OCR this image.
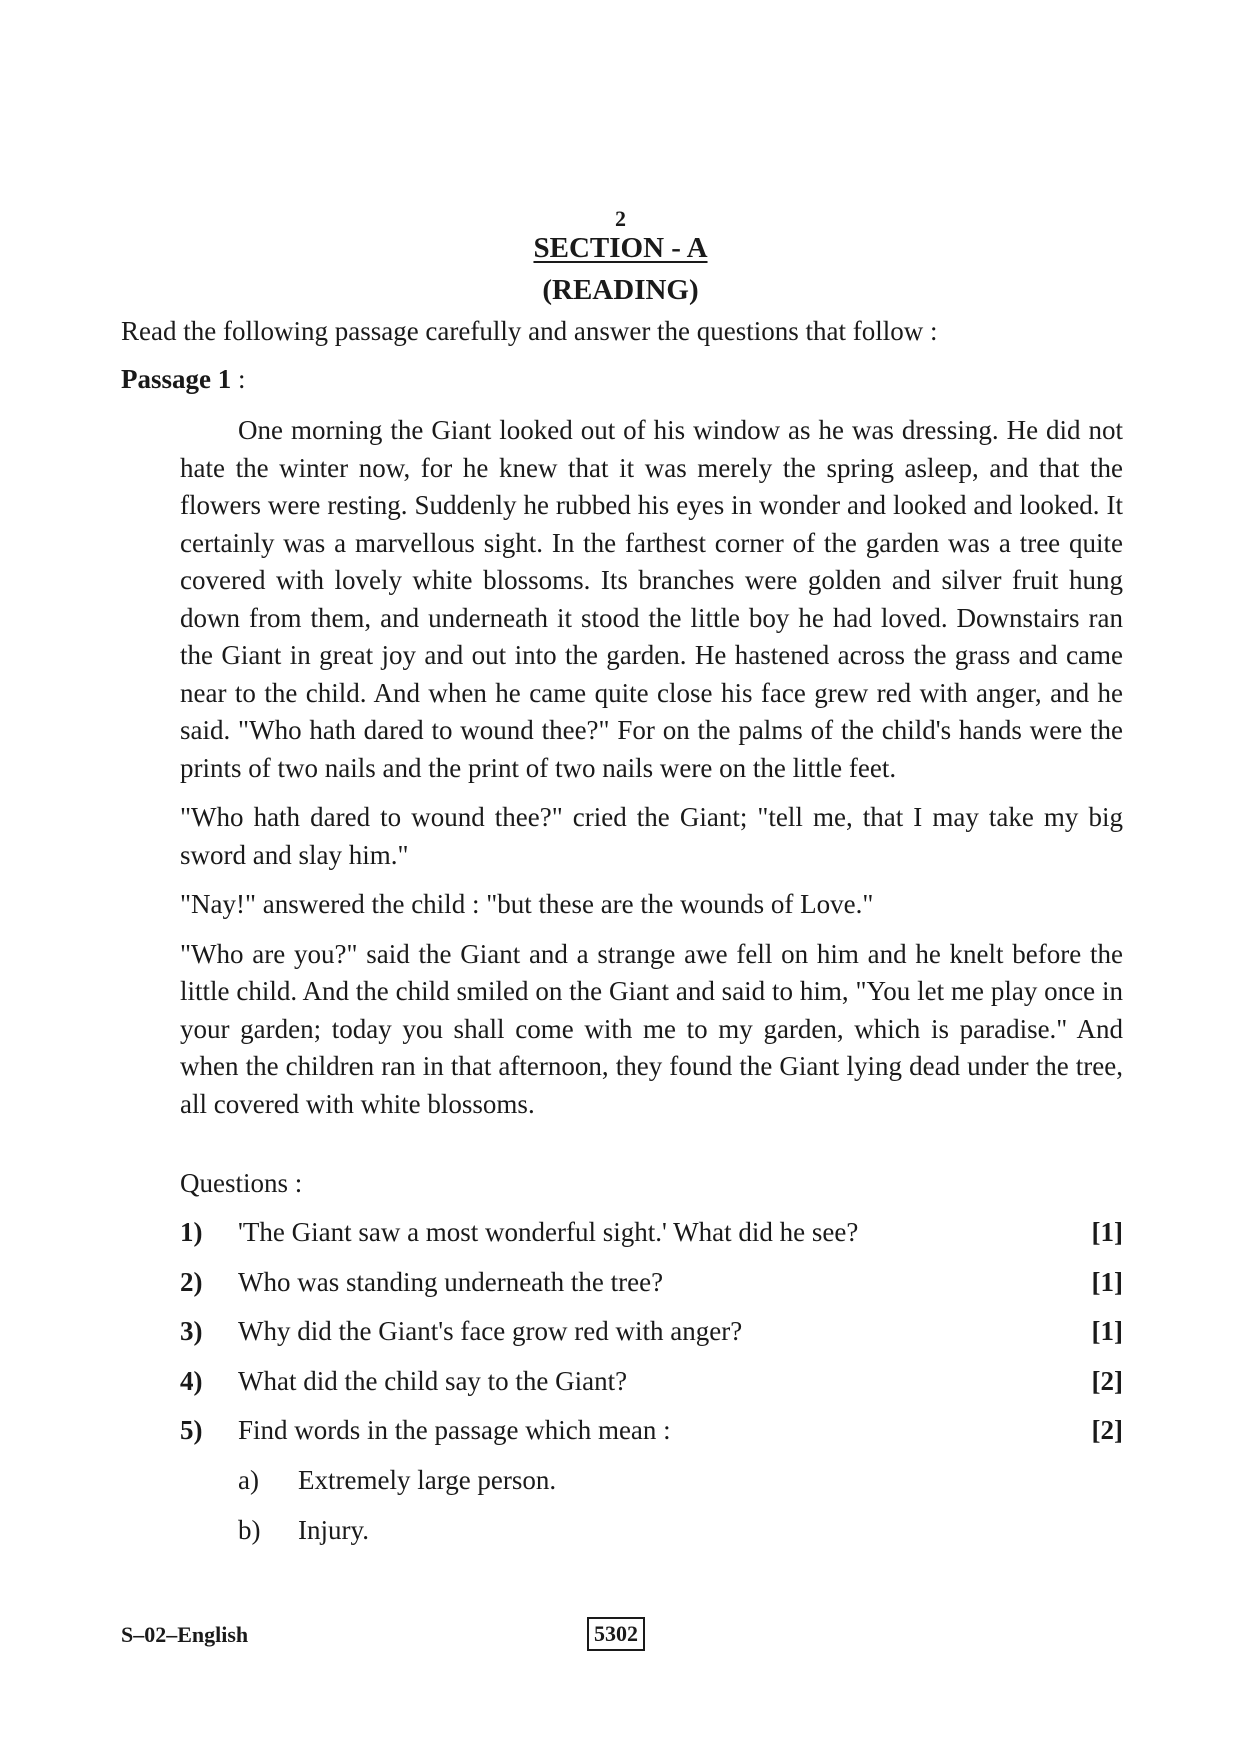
2
SECTION - A
(READING)
Read the following passage carefully and answer the questions that follow :
Passage 1 :

One morning the Giant looked out of his window as he was dressing. He did not hate the winter now, for he knew that it was merely the spring asleep, and that the flowers were resting. Suddenly he rubbed his eyes in wonder and looked and looked. It certainly was a marvellous sight. In the farthest corner of the garden was a tree quite covered with lovely white blossoms. Its branches were golden and silver fruit hung down from them, and underneath it stood the little boy he had loved. Downstairs ran the Giant in great joy and out into the garden. He hastened across the grass and came near to the child. And when he came quite close his face grew red with anger, and he said. "Who hath dared to wound thee?" For on the palms of the child's hands were the prints of two nails and the print of two nails were on the little feet.

"Who hath dared to wound thee?" cried the Giant; "tell me, that I may take my big sword and slay him."

"Nay!" answered the child : "but these are the wounds of Love."

"Who are you?" said the Giant and a strange awe fell on him and he knelt before the little child. And the child smiled on the Giant and said to him, "You let me play once in your garden; today you shall come with me to my garden, which is paradise." And when the children ran in that afternoon, they found the Giant lying dead under the tree, all covered with white blossoms.

Questions :
1) 'The Giant saw a most wonderful sight.' What did he see?	[1]
2) Who was standing underneath the tree?	[1]
3) Why did the Giant's face grow red with anger?	[1]
4) What did the child say to the Giant?	[2]
5) Find words in the passage which mean :	[2]
a) Extremely large person.
b) Injury.
S–02–English	5302
